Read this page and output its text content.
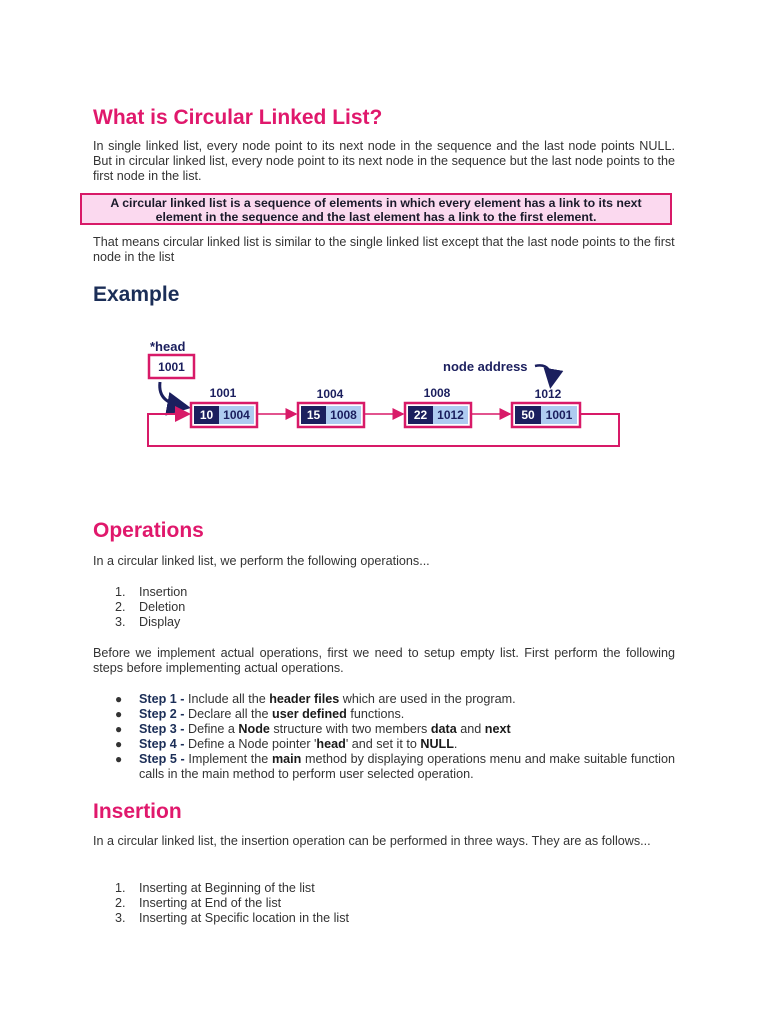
What is Circular Linked List?

In single linked list, every node point to its next node in the sequence and the last node points NULL. But in circular linked list, every node point to its next node in the sequence but the last node points to the first node in the list.

A circular linked list is a sequence of elements in which every element has a link to its next element in the sequence and the last element has a link to the first element.

That means circular linked list is similar to the single linked list except that the last node points to the first node in the list

Example
Operations

In a circular linked list, we perform the following operations...

1. Insertion
2. Deletion
3. Display

Before we implement actual operations, first we need to setup empty list. First perform the following steps before implementing actual operations.

● Step 1 - Include all the header files which are used in the program.
● Step 2 - Declare all the user defined functions.
● Step 3 - Define a Node structure with two members data and next
● Step 4 - Define a Node pointer 'head' and set it to NULL.
● Step 5 - Implement the main method by displaying operations menu and make suitable function calls in the main method to perform user selected operation.
Insertion

In a circular linked list, the insertion operation can be performed in three ways. They are as follows...

1. Inserting at Beginning of the list
2. Inserting at End of the list
3. Inserting at Specific location in the list
*head
1001	node address
1001
10 1004
1004
15 1008
1008
22 1012
1012
50 1001
